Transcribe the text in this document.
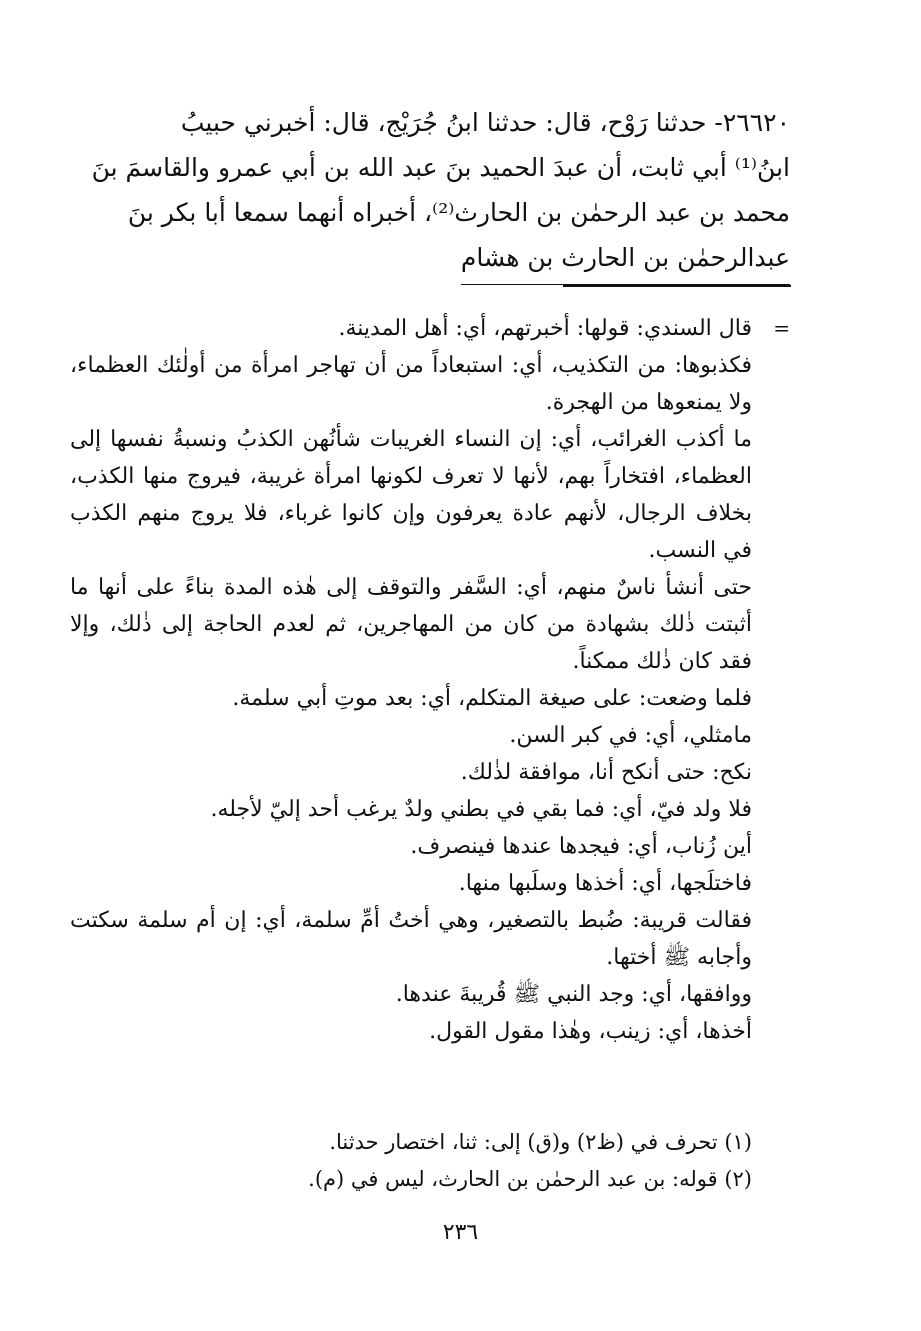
٢٦٦٢٠- حدثنا رَوْح، قال: حدثنا ابنُ جُرَيْج، قال: أخبرني حبيبُ

ابنُ⁽¹⁾ أبي ثابت، أن عبدَ الحميد بنَ عبد الله بن أبي عمرو والقاسمَ بنَ

محمد بن عبد الرحمٰن بن الحارث⁽²⁾، أخبراه أنهما سمعا أبا بكر بنَ

عبدالرحمٰن بن الحارث بن هشام

=

قال السندي: قولها: أخبرتهم، أي: أهل المدينة.

فكذبوها: من التكذيب، أي: استبعاداً من أن تهاجر امرأة من أولٰئك العظماء، ولا يمنعوها من الهجرة.

ما أكذب الغرائب، أي: إن النساء الغريبات شأنُهن الكذبُ ونسبةُ نفسها إلى العظماء، افتخاراً بهم، لأنها لا تعرف لكونها امرأة غريبة، فيروج منها الكذب، بخلاف الرجال، لأنهم عادة يعرفون وإن كانوا غرباء، فلا يروج منهم الكذب في النسب.

حتى أنشأ ناسٌ منهم، أي: السَّفر والتوقف إلى هٰذه المدة بناءً على أنها ما أثبتت ذٰلك بشهادة من كان من المهاجرين، ثم لعدم الحاجة إلى ذٰلك، وإلا فقد كان ذٰلك ممكناً.

فلما وضعت: على صيغة المتكلم، أي: بعد موتِ أبي سلمة.

مامثلي، أي: في كبر السن.

نكح: حتى أنكح أنا، موافقة لذٰلك.

فلا ولد فيّ، أي: فما بقي في بطني ولدٌ يرغب أحد إليّ لأجله.

أين زُناب، أي: فيجدها عندها فينصرف.

فاختلَجها، أي: أخذها وسلَبها منها.

فقالت قريبة: ضُبط بالتصغير، وهي أختُ أمِّ سلمة، أي: إن أم سلمة سكتت وأجابه ﷺ أختها.

ووافقها، أي: وجد النبي ﷺ قُريبةَ عندها.

أخذها، أي: زينب، وهٰذا مقول القول.

(١) تحرف في (ظ٢) و(ق) إلى: ثنا، اختصار حدثنا.

(٢) قوله: بن عبد الرحمٰن بن الحارث، ليس في (م).

٢٣٦
